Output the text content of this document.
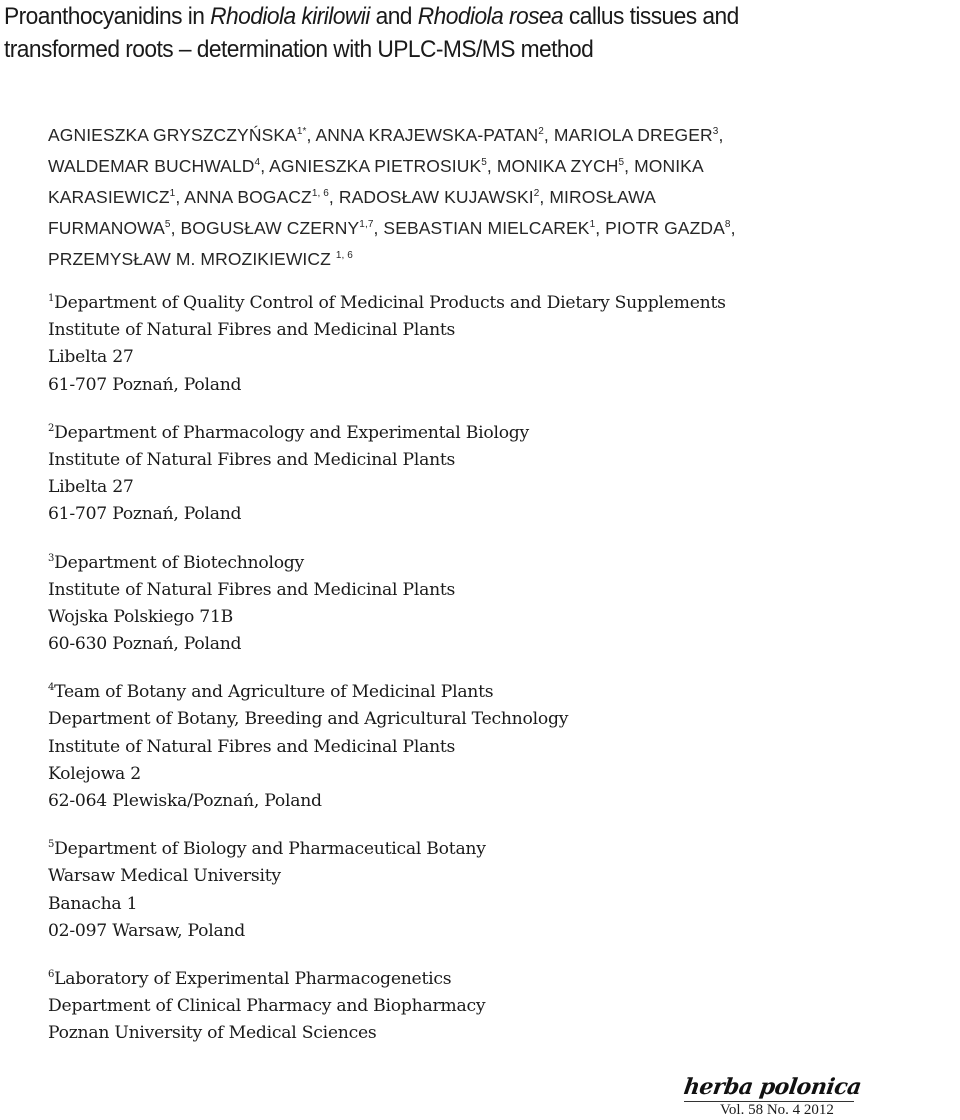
Proanthocyanidins in Rhodiola kirilowii and Rhodiola rosea callus tissues and
transformed roots – determination with UPLC-MS/MS method
AGNIESZKA $GRYSZCZYŃSKA^{1*}$, ANNA KRAJEWSKA-PATAN$^2$, MARIOLA DREGER$^3$,
WALDEMAR BUCHWALD$^4$, AGNIESZKA PIETROSIUK$^5$, MONIKA ZYCH$^5$, MONIKA
KARASIEWICZ$^1$, ANNA BOGACZ$^{1, 6}$, RADOSŁAW KUJAWSKI$^2$, MIROSŁAWA
FURMANOWA$^5$, BOGUSŁAW CZERNY$^{1,7}$, SEBASTIAN MIELCAREK$^1$, PIOTR GAZDA$^8$,
PRZEMYSŁAW M. MROZIKIEWICZ $^{1, 6}$
$^1$Department of Quality Control of Medicinal Products and Dietary Supplements
Institute of Natural Fibres and Medicinal Plants
Libelta 27
61-707 Poznań, Poland
$^2$Department of Pharmacology and Experimental Biology
Institute of Natural Fibres and Medicinal Plants
Libelta 27
61-707 Poznań, Poland
$^3$Department of Biotechnology
Institute of Natural Fibres and Medicinal Plants
Wojska Polskiego 71B
60-630 Poznań, Poland
$^4$Team of Botany and Agriculture of Medicinal Plants
Department of Botany, Breeding and Agricultural Technology
Institute of Natural Fibres and Medicinal Plants
Kolejowa 2
62-064 Plewiska/Poznań, Poland
$^5$Department of Biology and Pharmaceutical Botany
Warsaw Medical University
Banacha 1
02-097 Warsaw, Poland
$^6$Laboratory of Experimental Pharmacogenetics
Department of Clinical Pharmacy and Biopharmacy
Poznan University of Medical Sciences
herba polonica
Vol. 58 No. 4 2012
